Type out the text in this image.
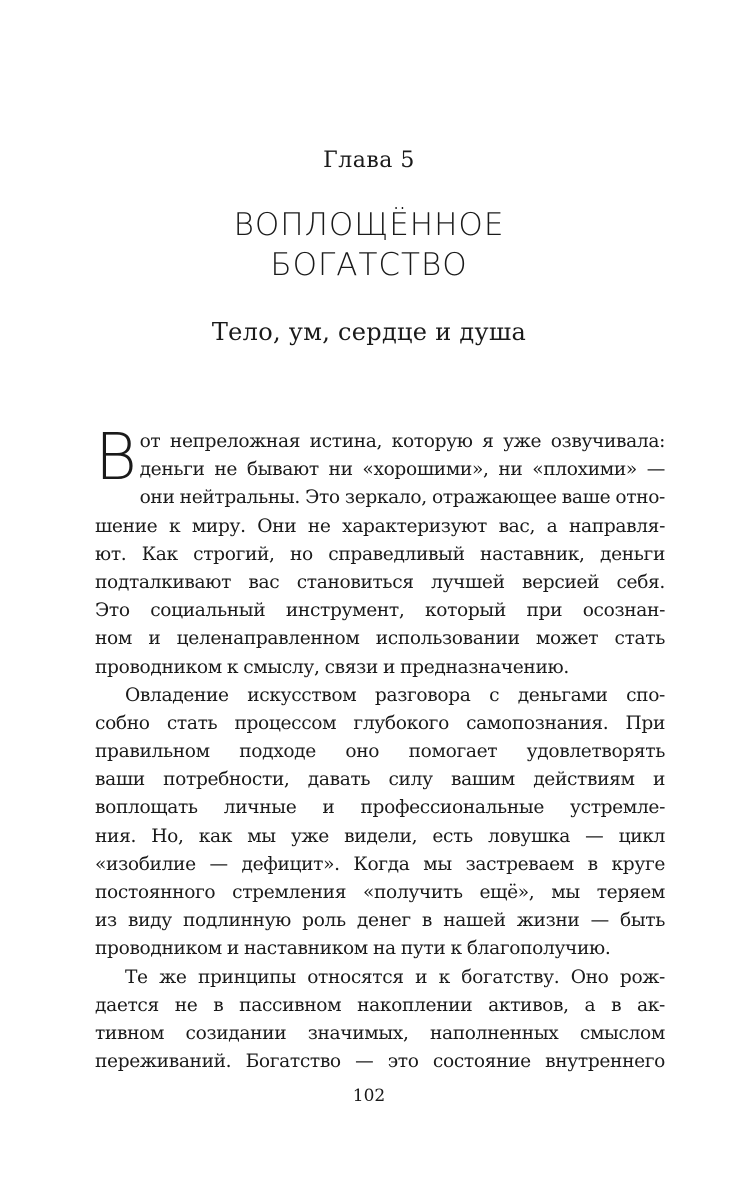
Глава 5
ВОПЛОЩЁННОЕ
БОГАТСТВО
Тело, ум, сердце и душа
В от непреложная истина, которую я уже озвучивала:
деньги не бывают ни «хорошими», ни «плохими» —
они нейтральны. Это зеркало, отражающее ваше отно-
шение к миру. Они не характеризуют вас, а направля-
ют. Как строгий, но справедливый наставник, деньги
подталкивают вас становиться лучшей версией себя.
Это социальный инструмент, который при осознан-
ном и целенаправленном использовании может стать
проводником к смыслу, связи и предназначению.
Овладение искусством разговора с деньгами спо-
собно стать процессом глубокого самопознания. При
правильном подходе оно помогает удовлетворять
ваши потребности, давать силу вашим действиям и
воплощать личные и профессиональные устремле-
ния. Но, как мы уже видели, есть ловушка — цикл
«изобилие — дефицит». Когда мы застреваем в круге
постоянного стремления «получить ещё», мы теряем
из виду подлинную роль денег в нашей жизни — быть
проводником и наставником на пути к благополучию.
Те же принципы относятся и к богатству. Оно рож-
дается не в пассивном накоплении активов, а в ак-
тивном созидании значимых, наполненных смыслом
переживаний. Богатство — это состояние внутреннего
102
